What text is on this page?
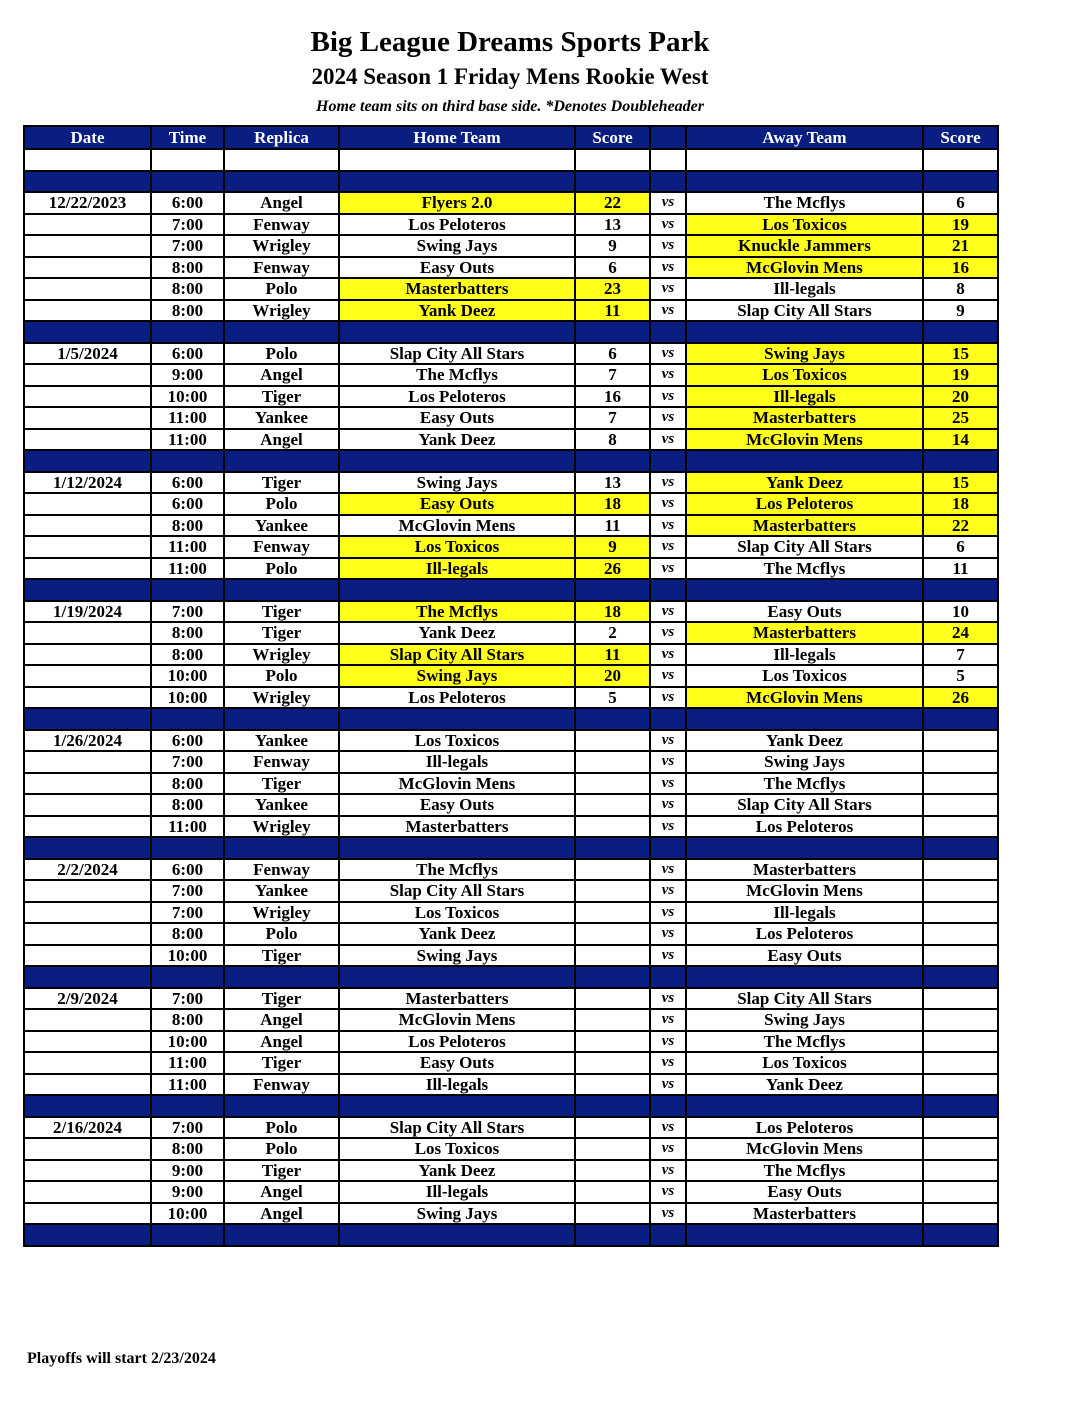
Big League Dreams Sports Park
2024 Season 1 Friday Mens Rookie West
Home team sits on third base side. *Denotes Doubleheader
Date	Time	Replica	Home Team	Score		Away Team	Score

12/22/2023	6:00	Angel	Flyers 2.0	22	vs	The Mcflys	6
	7:00	Fenway	Los Peloteros	13	vs	Los Toxicos	19
	7:00	Wrigley	Swing Jays	9	vs	Knuckle Jammers	21
	8:00	Fenway	Easy Outs	6	vs	McGlovin Mens	16
	8:00	Polo	Masterbatters	23	vs	Ill-legals	8
	8:00	Wrigley	Yank Deez	11	vs	Slap City All Stars	9

1/5/2024	6:00	Polo	Slap City All Stars	6	vs	Swing Jays	15
	9:00	Angel	The Mcflys	7	vs	Los Toxicos	19
	10:00	Tiger	Los Peloteros	16	vs	Ill-legals	20
	11:00	Yankee	Easy Outs	7	vs	Masterbatters	25
	11:00	Angel	Yank Deez	8	vs	McGlovin Mens	14

1/12/2024	6:00	Tiger	Swing Jays	13	vs	Yank Deez	15
	6:00	Polo	Easy Outs	18	vs	Los Peloteros	18
	8:00	Yankee	McGlovin Mens	11	vs	Masterbatters	22
	11:00	Fenway	Los Toxicos	9	vs	Slap City All Stars	6
	11:00	Polo	Ill-legals	26	vs	The Mcflys	11

1/19/2024	7:00	Tiger	The Mcflys	18	vs	Easy Outs	10
	8:00	Tiger	Yank Deez	2	vs	Masterbatters	24
	8:00	Wrigley	Slap City All Stars	11	vs	Ill-legals	7
	10:00	Polo	Swing Jays	20	vs	Los Toxicos	5
	10:00	Wrigley	Los Peloteros	5	vs	McGlovin Mens	26

1/26/2024	6:00	Yankee	Los Toxicos		vs	Yank Deez	
	7:00	Fenway	Ill-legals		vs	Swing Jays	
	8:00	Tiger	McGlovin Mens		vs	The Mcflys	
	8:00	Yankee	Easy Outs		vs	Slap City All Stars	
	11:00	Wrigley	Masterbatters		vs	Los Peloteros	

2/2/2024	6:00	Fenway	The Mcflys		vs	Masterbatters	
	7:00	Yankee	Slap City All Stars		vs	McGlovin Mens	
	7:00	Wrigley	Los Toxicos		vs	Ill-legals	
	8:00	Polo	Yank Deez		vs	Los Peloteros	
	10:00	Tiger	Swing Jays		vs	Easy Outs	

2/9/2024	7:00	Tiger	Masterbatters		vs	Slap City All Stars	
	8:00	Angel	McGlovin Mens		vs	Swing Jays	
	10:00	Angel	Los Peloteros		vs	The Mcflys	
	11:00	Tiger	Easy Outs		vs	Los Toxicos	
	11:00	Fenway	Ill-legals		vs	Yank Deez	

2/16/2024	7:00	Polo	Slap City All Stars		vs	Los Peloteros	
	8:00	Polo	Los Toxicos		vs	McGlovin Mens	
	9:00	Tiger	Yank Deez		vs	The Mcflys	
	9:00	Angel	Ill-legals		vs	Easy Outs	
	10:00	Angel	Swing Jays		vs	Masterbatters	

Playoffs will start 2/23/2024
